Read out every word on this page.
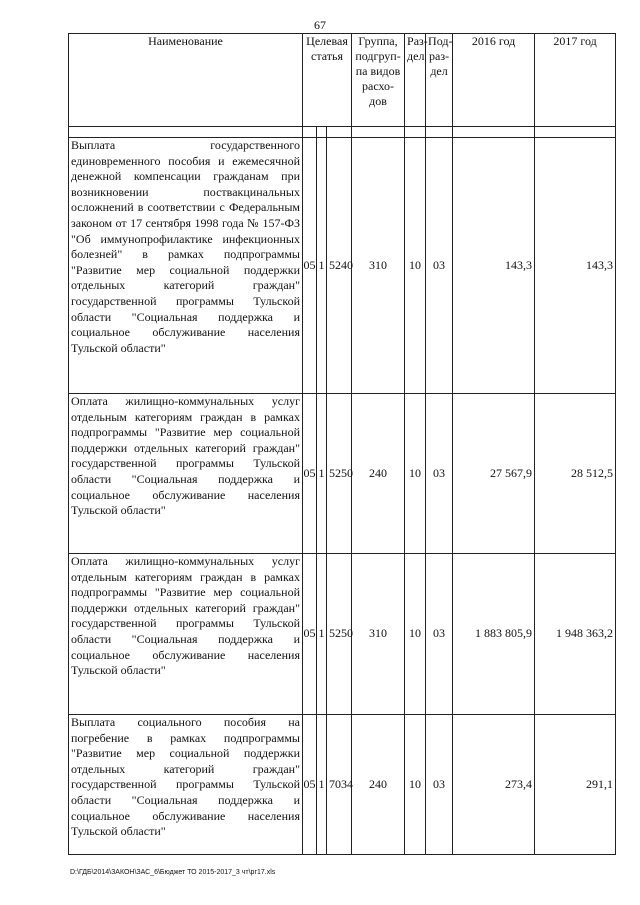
67
Наименование	Целевая статья			Группа, подгруп-па видов расхо-дов	Раз-дел	Под-раз-дел	2016 год	2017 год

Выплата государственного единовременного пособия и ежемесячной денежной компенсации гражданам при возникновении поствакцинальных осложнений в соответствии с Федеральным законом от 17 сентября 1998 года № 157-ФЗ "Об иммунопрофилактике инфекционных болезней" в рамках подпрограммы "Развитие мер социальной поддержки отдельных категорий граждан" государственной программы Тульской области "Социальная поддержка и социальное обслуживание населения Тульской области"	05	1	5240	310	10	03	143,3	143,3
Оплата жилищно-коммунальных услуг отдельным категориям граждан в рамках подпрограммы "Развитие мер социальной поддержки отдельных категорий граждан" государственной программы Тульской области "Социальная поддержка и социальное обслуживание населения Тульской области"	05	1	5250	240	10	03	27 567,9	28 512,5
Оплата жилищно-коммунальных услуг отдельным категориям граждан в рамках подпрограммы "Развитие мер социальной поддержки отдельных категорий граждан" государственной программы Тульской области "Социальная поддержка и социальное обслуживание населения Тульской области"	05	1	5250	310	10	03	1 883 805,9	1 948 363,2
Выплата социального пособия на погребение в рамках подпрограммы "Развитие мер социальной поддержки отдельных категорий граждан" государственной программы Тульской области "Социальная поддержка и социальное обслуживание населения Тульской области"	05	1	7034	240	10	03	273,4	291,1
D:\ГДБ\2014\ЗАКОН\ЗАС_6\Бюджет ТО 2015-2017_3 чт\рг17.xls
